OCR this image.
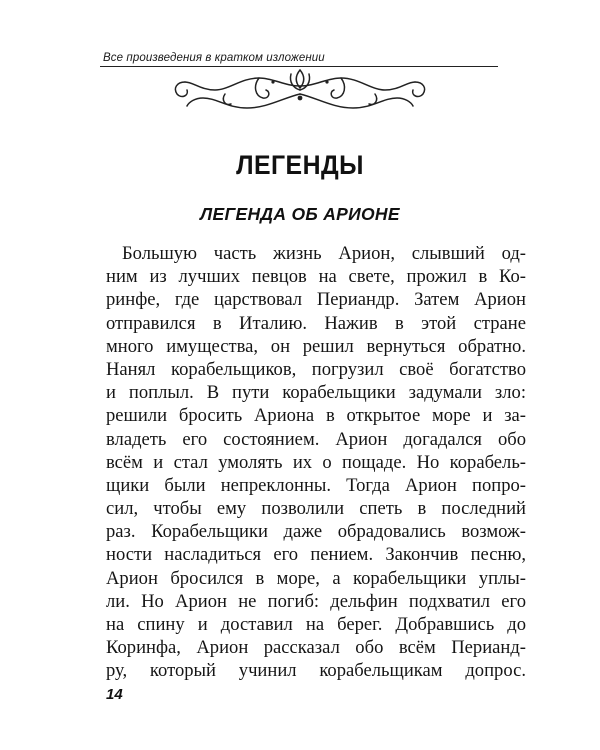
Все произведения в кратком изложении
ЛЕГЕНДЫ
ЛЕГЕНДА ОБ АРИОНЕ
Большую часть жизнь Арион, слывший од-
ним из лучших певцов на свете, прожил в Ко-
ринфе, где царствовал Периандр. Затем Арион
отправился в Италию. Нажив в этой стране
много имущества, он решил вернуться обратно.
Нанял корабельщиков, погрузил своё богатство
и поплыл. В пути корабельщики задумали зло:
решили бросить Ариона в открытое море и за-
владеть его состоянием. Арион догадался обо
всём и стал умолять их о пощаде. Но корабель-
щики были непреклонны. Тогда Арион попро-
сил, чтобы ему позволили спеть в последний
раз. Корабельщики даже обрадовались возмож-
ности насладиться его пением. Закончив песню,
Арион бросился в море, а корабельщики уплы-
ли. Но Арион не погиб: дельфин подхватил его
на спину и доставил на берег. Добравшись до
Коринфа, Арион рассказал обо всём Перианд-
ру, который учинил корабельщикам допрос.
14
